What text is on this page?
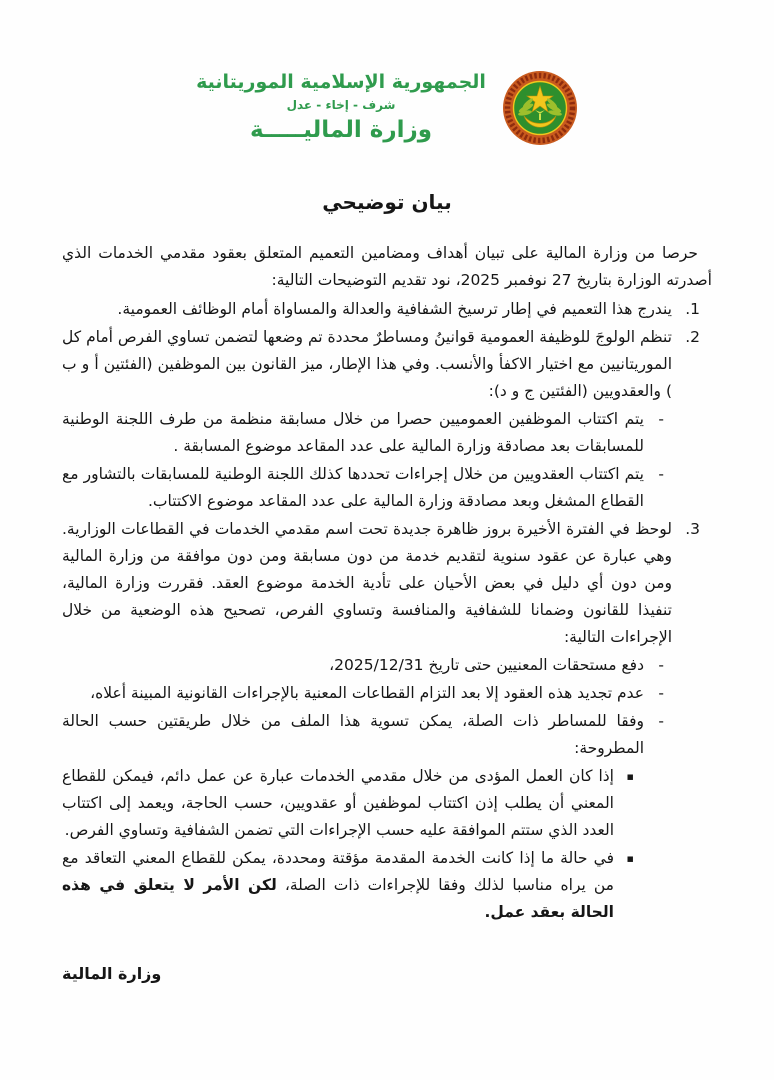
الجمهورية الإسلامية الموريتانية
شرف - إخاء - عدل
وزارة الماليـــــة
بيان توضيحي

حرصا من وزارة المالية على تبيان أهداف ومضامين التعميم المتعلق بعقود مقدمي الخدمات الذي أصدرته الوزارة بتاريخ 27 نوفمبر 2025، نود تقديم التوضيحات التالية:

1.
يندرج هذا التعميم في إطار ترسيخ الشفافية والعدالة والمساواة أمام الوظائف العمومية.
2.
تنظم الولوجَ للوظيفة العمومية قوانينُ ومساطرٌ محددة تم وضعها لتضمن تساوي الفرص أمام كل الموريتانيين مع اختيار الاكفأ والأنسب. وفي هذا الإطار، ميز القانون بين الموظفين (الفئتين أ و ب ) والعقدويين (الفئتين ج و د):
-
يتم اكتتاب الموظفين العموميين حصرا من خلال مسابقة منظمة من طرف اللجنة الوطنية للمسابقات بعد مصادقة وزارة المالية على عدد المقاعد موضوع المسابقة .
-
يتم اكتتاب العقدويين من خلال إجراءات تحددها كذلك اللجنة الوطنية للمسابقات بالتشاور مع القطاع المشغل وبعد مصادقة وزارة المالية على عدد المقاعد موضوع الاكتتاب.
3.
لوحظ في الفترة الأخيرة بروز ظاهرة جديدة تحت اسم مقدمي الخدمات في القطاعات الوزارية. وهي عبارة عن عقود سنوية لتقديم خدمة من دون مسابقة ومن دون موافقة من وزارة المالية ومن دون أي دليل في بعض الأحيان على تأدية الخدمة موضوع العقد. فقررت وزارة المالية، تنفيذا للقانون وضمانا للشفافية والمنافسة وتساوي الفرص، تصحيح هذه الوضعية من خلال الإجراءات التالية:
-
دفع مستحقات المعنيين حتى تاريخ 2025/12/31،
-
عدم تجديد هذه العقود إلا بعد التزام القطاعات المعنية بالإجراءات القانونية المبينة أعلاه،
-
وفقا للمساطر ذات الصلة، يمكن تسوية هذا الملف من خلال طريقتين حسب الحالة المطروحة:
▪
إذا كان العمل المؤدى من خلال مقدمي الخدمات عبارة عن عمل دائم، فيمكن للقطاع المعني أن يطلب إذن اكتتاب لموظفين أو عقدويين، حسب الحاجة، ويعمد إلى اكتتاب العدد الذي ستتم الموافقة عليه حسب الإجراءات التي تضمن الشفافية وتساوي الفرص.
▪
في حالة ما إذا كانت الخدمة المقدمة مؤقتة ومحددة، يمكن للقطاع المعني التعاقد مع من يراه مناسبا لذلك وفقا للإجراءات ذات الصلة، لكن الأمر لا يتعلق في هذه الحالة بعقد عمل.
وزارة المالية
